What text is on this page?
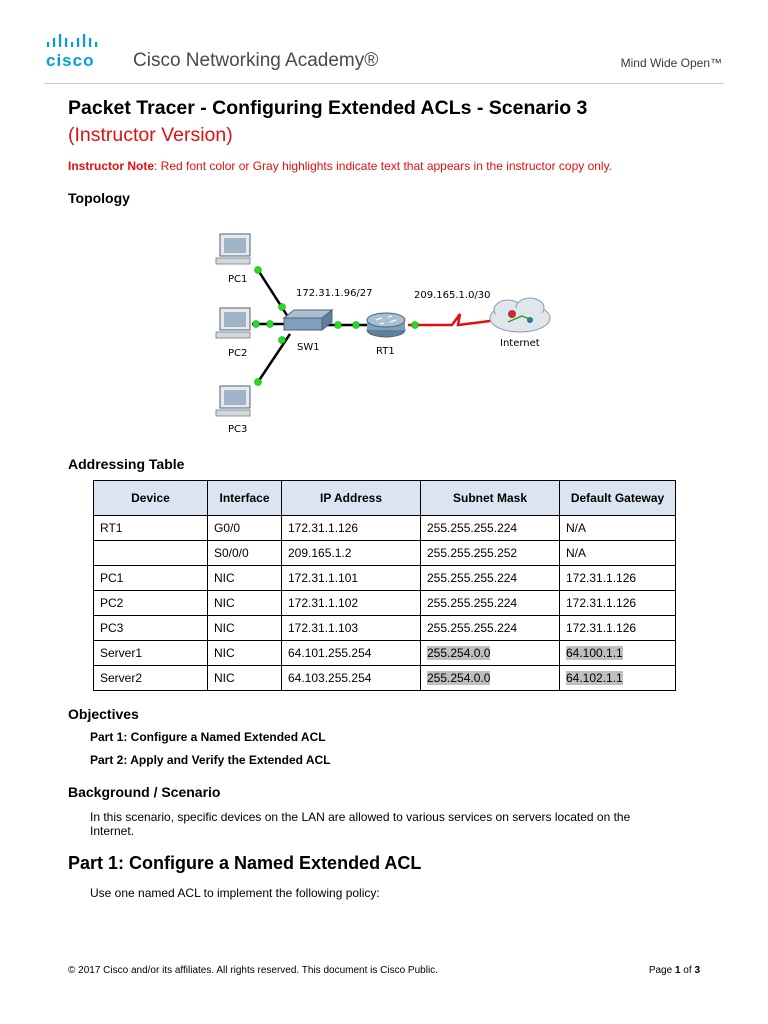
cisco Cisco Networking Academy®	Mind Wide Open™
Packet Tracer - Configuring Extended ACLs - Scenario 3
(Instructor Version)
Instructor Note: Red font color or Gray highlights indicate text that appears in the instructor copy only.
Topology
PC1
PC2
PC3
SW1	RT1
Internet
172.31.1.96/27	209.165.1.0/30
Addressing Table
Device	Interface	IP Address	Subnet Mask	Default Gateway
RT1	G0/0	172.31.1.126	255.255.255.224	N/A
	S0/0/0	209.165.1.2	255.255.255.252	N/A
PC1	NIC	172.31.1.101	255.255.255.224	172.31.1.126
PC2	NIC	172.31.1.102	255.255.255.224	172.31.1.126
PC3	NIC	172.31.1.103	255.255.255.224	172.31.1.126
Server1	NIC	64.101.255.254	255.254.0.0	64.100.1.1
Server2	NIC	64.103.255.254	255.254.0.0	64.102.1.1
Objectives
Part 1: Configure a Named Extended ACL
Part 2: Apply and Verify the Extended ACL
Background / Scenario
In this scenario, specific devices on the LAN are allowed to various services on servers located on the
Internet.
Part 1: Configure a Named Extended ACL
Use one named ACL to implement the following policy:
© 2017 Cisco and/or its affiliates. All rights reserved. This document is Cisco Public.	Page 1 of 3
